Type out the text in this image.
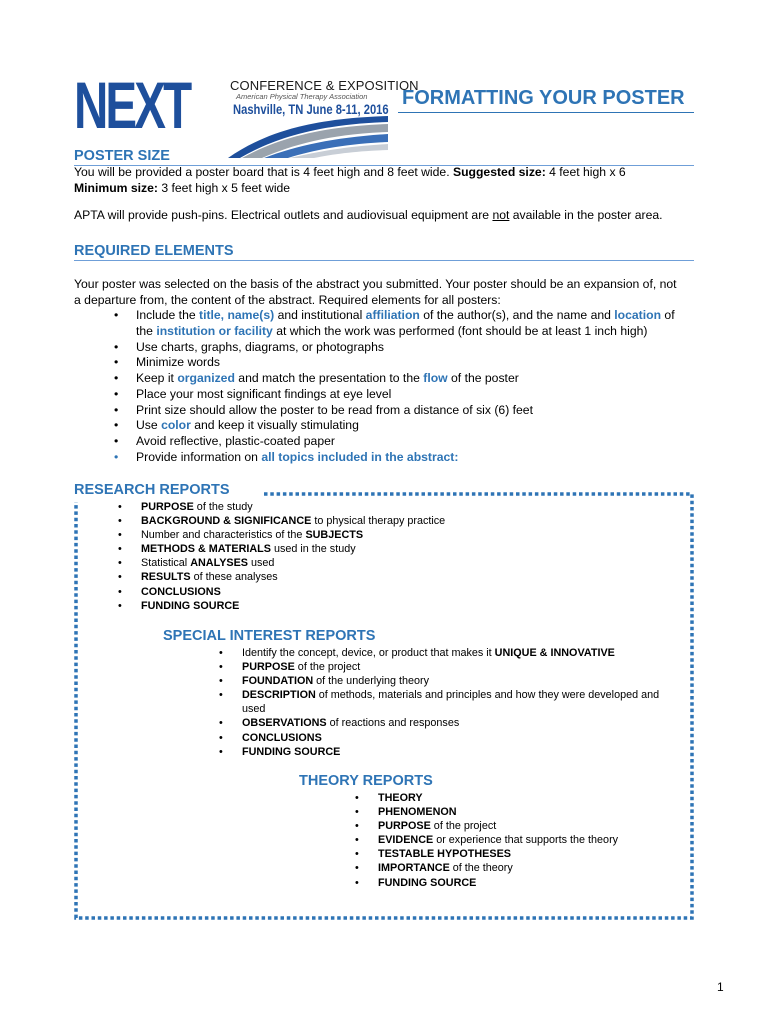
NEXT	CONFERENCE & EXPOSITION
American Physical Therapy Association
Nashville, TN June 8-11, 2016 FORMATTING YOUR POSTER
POSTER SIZE
You will be provided a poster board that is 4 feet high and 8 feet wide. Suggested size: 4 feet high x 6
Minimum size: 3 feet high x 5 feet wide
APTA will provide push-pins. Electrical outlets and audiovisual equipment are not available in the poster area.
REQUIRED ELEMENTS
Your poster was selected on the basis of the abstract you submitted. Your poster should be an expansion of, not
a departure from, the content of the abstract. Required elements for all posters:
• Include the title, name(s) and institutional affiliation of the author(s), and the name and location of
the institution or facility at which the work was performed (font should be at least 1 inch high)
• Use charts, graphs, diagrams, or photographs
• Minimize words
• Keep it organized and match the presentation to the flow of the poster
• Place your most significant findings at eye level
• Print size should allow the poster to be read from a distance of six (6) feet
• Use color and keep it visually stimulating
• Avoid reflective, plastic-coated paper
• Provide information on all topics included in the abstract:
RESEARCH REPORTS
• PURPOSE of the study
• BACKGROUND & SIGNIFICANCE to physical therapy practice
• Number and characteristics of the SUBJECTS
• METHODS & MATERIALS used in the study
• Statistical ANALYSES used
• RESULTS of these analyses
• CONCLUSIONS
• FUNDING SOURCE
SPECIAL INTEREST REPORTS
• Identify the concept, device, or product that makes it UNIQUE & INNOVATIVE
• PURPOSE of the project
• FOUNDATION of the underlying theory
• DESCRIPTION of methods, materials and principles and how they were developed and
used
• OBSERVATIONS of reactions and responses
• CONCLUSIONS
• FUNDING SOURCE
THEORY REPORTS
• THEORY
• PHENOMENON
• PURPOSE of the project
• EVIDENCE or experience that supports the theory
• TESTABLE HYPOTHESES
• IMPORTANCE of the theory
• FUNDING SOURCE
1
